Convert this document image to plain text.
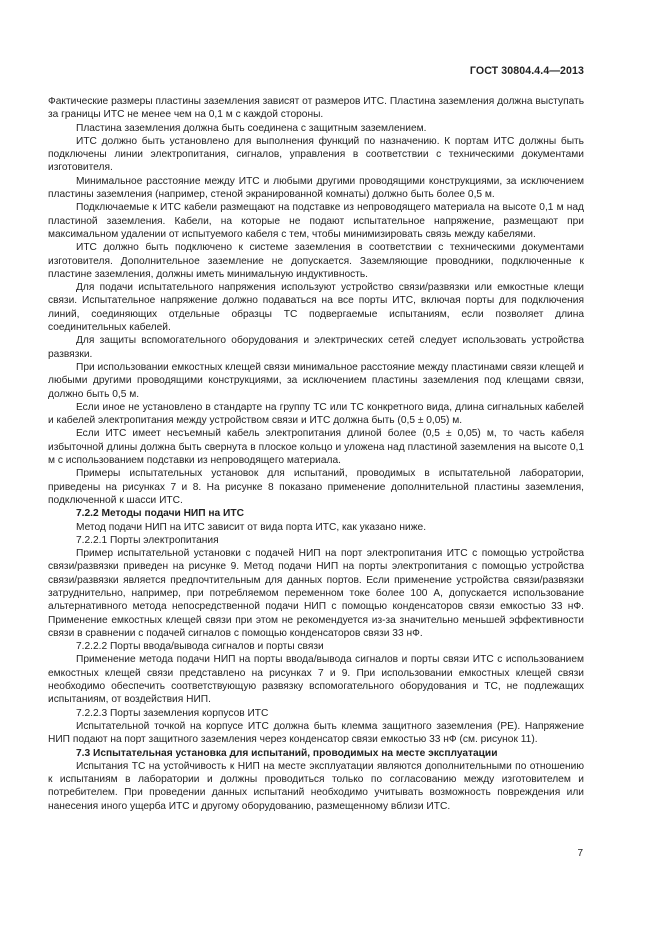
ГОСТ 30804.4.4—2013

Фактические размеры пластины заземления зависят от размеров ИТС. Пластина заземления должна выступать за границы ИТС не менее чем на 0,1 м с каждой стороны.

Пластина заземления должна быть соединена с защитным заземлением.

ИТС должно быть установлено для выполнения функций по назначению. К портам ИТС должны быть подключены линии электропитания, сигналов, управления в соответствии с техническими документами изготовителя.

Минимальное расстояние между ИТС и любыми другими проводящими конструкциями, за исключением пластины заземления (например, стеной экранированной комнаты) должно быть более 0,5 м.

Подключаемые к ИТС кабели размещают на подставке из непроводящего материала на высоте 0,1 м над пластиной заземления. Кабели, на которые не подают испытательное напряжение, размещают при максимальном удалении от испытуемого кабеля с тем, чтобы минимизировать связь между кабелями.

ИТС должно быть подключено к системе заземления в соответствии с техническими документами изготовителя. Дополнительное заземление не допускается. Заземляющие проводники, подключенные к пластине заземления, должны иметь минимальную индуктивность.

Для подачи испытательного напряжения используют устройство связи/развязки или емкостные клещи связи. Испытательное напряжение должно подаваться на все порты ИТС, включая порты для подключения линий, соединяющих отдельные образцы ТС подвергаемые испытаниям, если позволяет длина соединительных кабелей.

Для защиты вспомогательного оборудования и электрических сетей следует использовать устройства развязки.

При использовании емкостных клещей связи минимальное расстояние между пластинами связи клещей и любыми другими проводящими конструкциями, за исключением пластины заземления под клещами связи, должно быть 0,5 м.

Если иное не установлено в стандарте на группу ТС или ТС конкретного вида, длина сигнальных кабелей и кабелей электропитания между устройством связи и ИТС должна быть (0,5 ± 0,05) м.

Если ИТС имеет несъемный кабель электропитания длиной более (0,5 ± 0,05) м, то часть кабеля избыточной длины должна быть свернута в плоское кольцо и уложена над пластиной заземления на высоте 0,1 м с использованием подставки из непроводящего материала.

Примеры испытательных установок для испытаний, проводимых в испытательной лаборатории, приведены на рисунках 7 и 8. На рисунке 8 показано применение дополнительной пластины заземления, подключенной к шасси ИТС.

7.2.2 Методы подачи НИП на ИТС

Метод подачи НИП на ИТС зависит от вида порта ИТС, как указано ниже.

7.2.2.1 Порты электропитания

Пример испытательной установки с подачей НИП на порт электропитания ИТС с помощью устройства связи/развязки приведен на рисунке 9. Метод подачи НИП на порты электропитания с помощью устройства связи/развязки является предпочтительным для данных портов. Если применение устройства связи/развязки затруднительно, например, при потребляемом переменном токе более 100 А, допускается использование альтернативного метода непосредственной подачи НИП с помощью конденсаторов связи емкостью 33 нФ. Применение емкостных клещей связи при этом не рекомендуется из-за значительно меньшей эффективности связи в сравнении с подачей сигналов с помощью конденсаторов связи 33 нФ.

7.2.2.2 Порты ввода/вывода сигналов и порты связи

Применение метода подачи НИП на порты ввода/вывода сигналов и порты связи ИТС с использованием емкостных клещей связи представлено на рисунках 7 и 9. При использовании емкостных клещей связи необходимо обеспечить соответствующую развязку вспомогательного оборудования и ТС, не подлежащих испытаниям, от воздействия НИП.

7.2.2.3 Порты заземления корпусов ИТС

Испытательной точкой на корпусе ИТС должна быть клемма защитного заземления (PE). Напряжение НИП подают на порт защитного заземления через конденсатор связи емкостью 33 нФ (см. рисунок 11).

7.3 Испытательная установка для испытаний, проводимых на месте эксплуатации

Испытания ТС на устойчивость к НИП на месте эксплуатации являются дополнительными по отношению к испытаниям в лаборатории и должны проводиться только по согласованию между изготовителем и потребителем. При проведении данных испытаний необходимо учитывать возможность повреждения или нанесения иного ущерба ИТС и другому оборудованию, размещенному вблизи ИТС.

7
